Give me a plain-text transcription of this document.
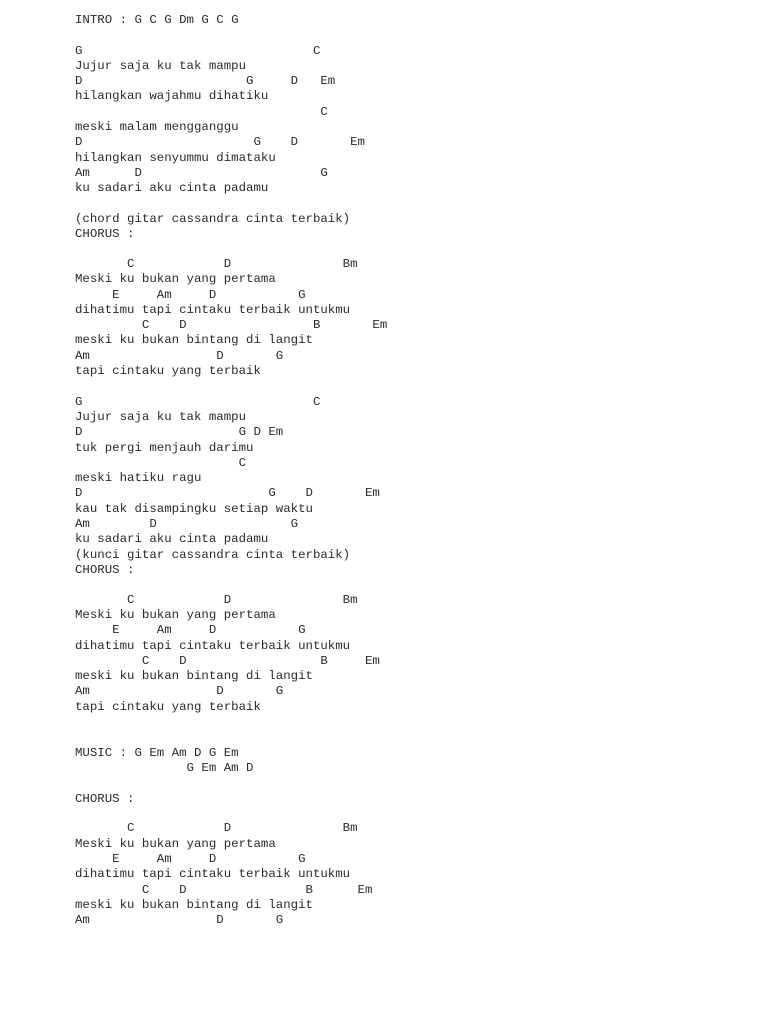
INTRO : G C G Dm G C G
G                               C
Jujur saja ku tak mampu
D                      G     D   Em
hilangkan wajahmu dihatiku
C
meski malam mengganggu
D                       G    D       Em
hilangkan senyummu dimataku
Am      D                        G
ku sadari aku cinta padamu
(chord gitar cassandra cinta terbaik)
CHORUS :
C            D               Bm
Meski ku bukan yang pertama
E     Am     D           G
dihatimu tapi cintaku terbaik untukmu
C    D                 B       Em
meski ku bukan bintang di langit
Am                 D       G
tapi cintaku yang terbaik
G                               C
Jujur saja ku tak mampu
D                     G D Em
tuk pergi menjauh darimu
C
meski hatiku ragu
D                         G    D       Em
kau tak disampingku setiap waktu
Am        D                  G
ku sadari aku cinta padamu
(kunci gitar cassandra cinta terbaik)
CHORUS :
C            D               Bm
Meski ku bukan yang pertama
E     Am     D           G
dihatimu tapi cintaku terbaik untukmu
C    D                  B     Em
meski ku bukan bintang di langit
Am                 D       G
tapi cintaku yang terbaik
MUSIC : G Em Am D G Em
G Em Am D
CHORUS :
C            D               Bm
Meski ku bukan yang pertama
E     Am     D           G
dihatimu tapi cintaku terbaik untukmu
C    D                B      Em
meski ku bukan bintang di langit
Am                 D       G
